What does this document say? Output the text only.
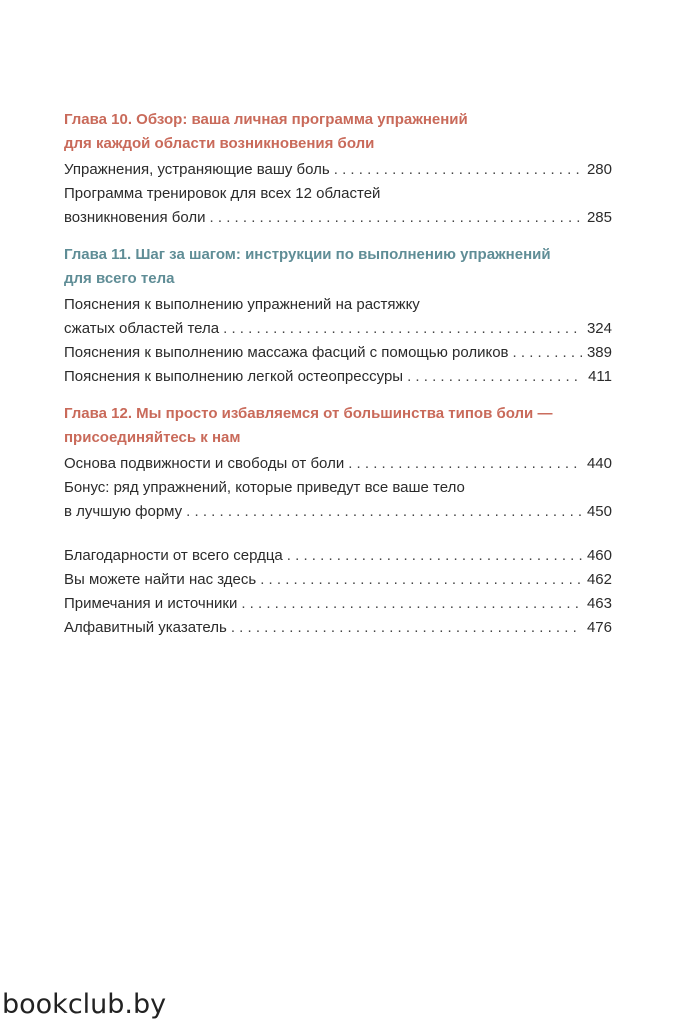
Глава 10. Обзор: ваша личная программа упражнений
для каждой области возникновения боли
Упражнения, устраняющие вашу боль . . .	280
Программа тренировок для всех 12 областей
возникновения боли . . .	285
Глава 11. Шаг за шагом: инструкции по выполнению упражнений
для всего тела
Пояснения к выполнению упражнений на растяжку
сжатых областей тела . . .	324
Пояснения к выполнению массажа фасций с помощью роликов . . .	389
Пояснения к выполнению легкой остеопрессуры . . .	411
Глава 12. Мы просто избавляемся от большинства типов боли —
присоединяйтесь к нам
Основа подвижности и свободы от боли . . .	440
Бонус: ряд упражнений, которые приведут все ваше тело
в лучшую форму . . .	450
Благодарности от всего сердца . . .	460
Вы можете найти нас здесь . . .	462
Примечания и источники . . .	463
Алфавитный указатель . . .	476
bookclub.by
